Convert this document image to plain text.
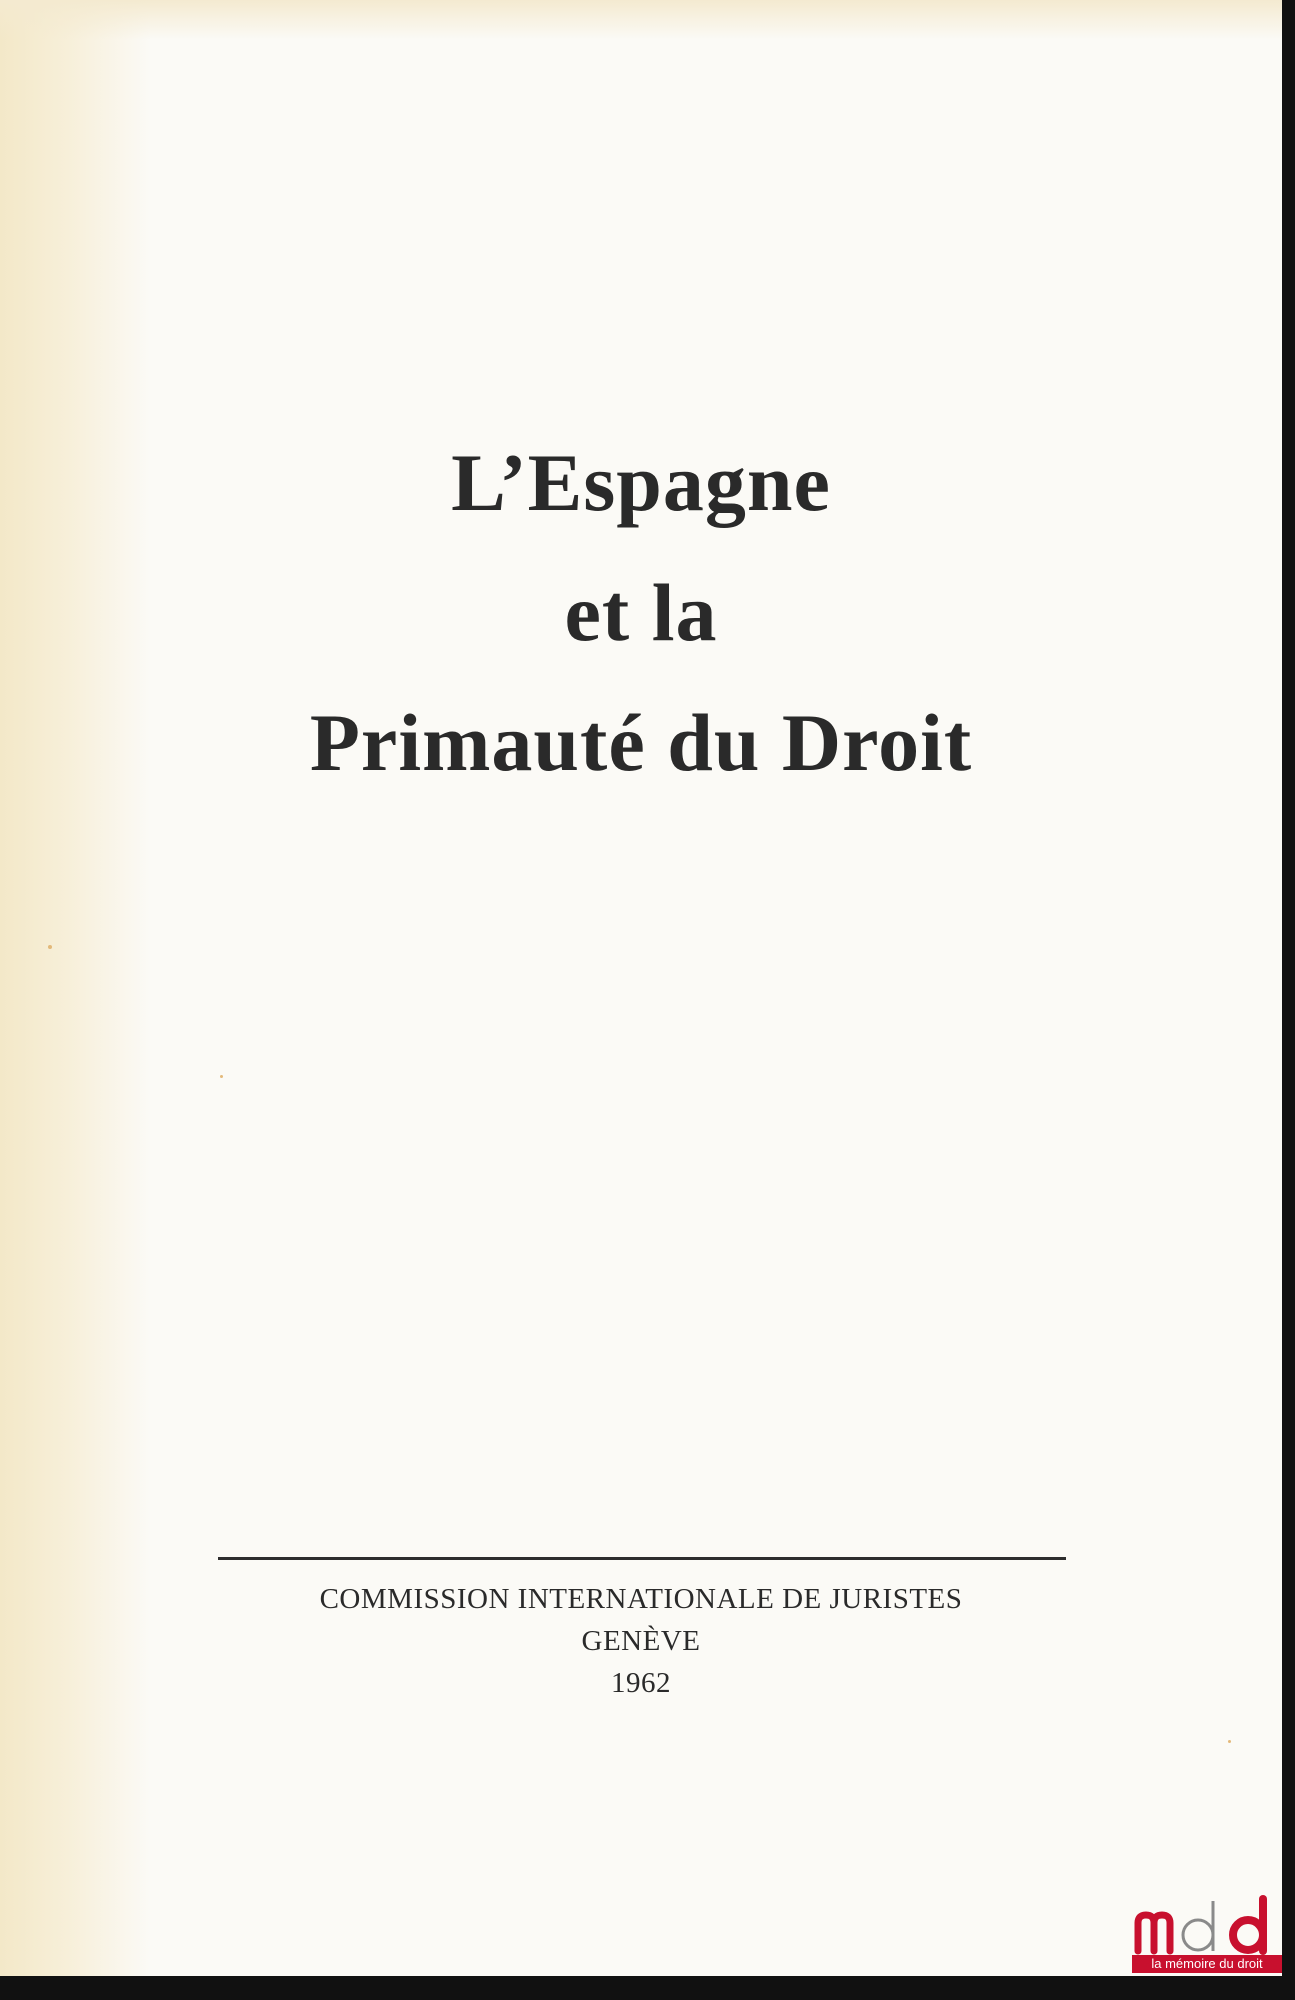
L’Espagne
et la
Primauté du Droit
COMMISSION INTERNATIONALE DE JURISTES
GENÈVE
1962
la mémoire du droit
